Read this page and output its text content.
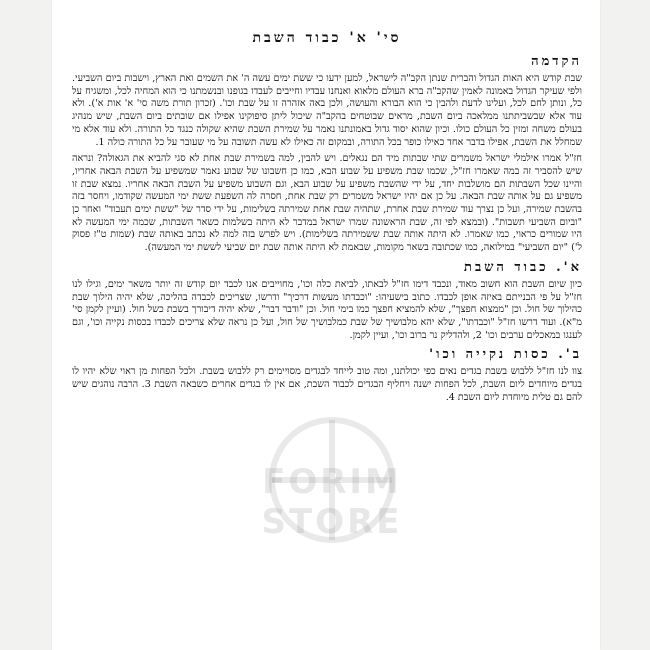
סי' א' כבוד השבת
הקדמה

שבת קודש היא האות הגדול והברית שנתן הקב"ה לישראל, למען ידעו כי ששת ימים עשה ה' את השמים ואת הארץ, וישבות ביום השביעי. ולפי שעיקר הגדול באמונה לאמין שהקב"ה ברא העולם מלאוא ואנחנו עבדיו וחייבים לעבדו בגופנו ובנשמתנו כי הוא המחיה לכל, ומשגיח על כל, ונותן לחם לכל, ועלינו לדעת ולהבין כי הוא הבורא והעושה, ולכן באה אזהרה זו על שבת וכו'. (זכרון תורת משה סי' א' אות א'). ולא עוד אלא שבשביתתנו ממלאכה ביום השבת, מראים שבוטחים בהקב"ה שיכול ליתן סיפוקינו אפילו אם שובתים ביום השבת, שיש מנהיג בעולם משחה ומזין כל העולם כולו. וכיון שהוא יסוד גדול באמונתנו נאמר על שמירת השבת שהיא שקולה כנגד כל התורה. ולא עוד אלא מי שמחלל את השבת, אפילו בדבר אחד כאילו כופר בכל התורה, ובמקום זה כאילו לא עשה תשובה על מי שעובר על כל התורה כולה 1.

חז"ל אמרו אילמלי ישראל משמרים שתי שבתות מיד הם נגאלים. ויש להבין, למה בשמירת שבת אחת לא סגי להביא את הגאולה? ונראה שיש להסביר זה במה שאמרו חז"ל, שכמו שבת משפיע על שבוע הבא, כמו כן חשבונו של שבוע נאמר שמשפיע על השבת הבאה אחריו, והיינו שכל השבתות הם מושלבות יחד, על ידי שהשבת משפיע על שבוע הבא, וגם השבוע משפיע על השבת הבאה אחריו. נמצא שבת זו משפיע גם על אותה שבת הבאה. על כן אם יהיו ישראל משמרים רק שבת אחת, חסרה לה השפעת ששת ימי המעשה שקודמו, ויחסר בזה בהשבת שמירה, ועל כן נצרך עוד שמירת שבת אחרת, שתהיה שבת אחת שמירתה בשלימות, על ידי סדר של "ששת ימים תעבוד" ואחר כן "וביום השביעי תשבות". (ובמצא לפי זה, שבת הראשונה שמרו ישראל במדבר לא היתה בשלמות כשאר השבתות, שכמה ימי המעשה לא היו שמורים כראוי, כמו שאמרו. לא היתה אותה שבת ששמירתה בשלימות). ויש לפרש בזה למה לא נכתב באותה שבת (שמות ט"ז פסוק ל') "יום השביעי" במילואה, כמו שכתובה בשאר מקומות, שבאמת לא היתה אותה שבת יום שביעי לששת ימי המעשה).

א'. כבוד השבת

כיון שיום השבת הוא חשוב מאוד, ונכבד דימו חז"ל לבאתו, לביאת כלה וכו', מחוייבים אנו לכבד יום קודש זה יותר משאר ימים, וגילו לנו חז"ל על פי הבנייתם באיזה אופן לכבדו. כתוב בישעיהו: "וכבדתו מעשות דרכיך" ודרשו, שצריכים לכבדה בהליכה, שלא יהיה הילוך שבת כהילוך של חול. וכן "ממצוא חפצך", שלא להמציא חפצך כמו בימי חול. וכן "ודבר דבר", שלא יהיה דיבורך בשבת כשל חול. (ועיין לקמן סי' מ"א). ועוד דרשו חז"ל "וכבדתו", שלא יהא מלבושיך של שבת כמלבושיך של חול, ועל כן נראה שלא צריכים לכבדו בכסות נקייה וכו', וגם לענגו במאכלים ערבים וכו' 2, ולהדליק נר ברוב וכו', ועיין לקמן.

ב'. כסות נקייה וכו'

צוו לנו חז"ל ללבוש בשבת בגדים נאים כפי יכולתנו, ומה טוב לייחד לבגדים מסויימים רק ללבוש בשבת. ולכל הפחות מן ראוי שלא יהיו לו בגדים מיוחדים ליום השבת, לכל הפחות ישנה ויחליף הבגדים לכבוד השבת, אם אין לו בגדים אחרים כשבאה השבת 3. הרבה נוהגים שיש להם גם טלית מיוחדת ליום השבת 4.

FORIM STORE
